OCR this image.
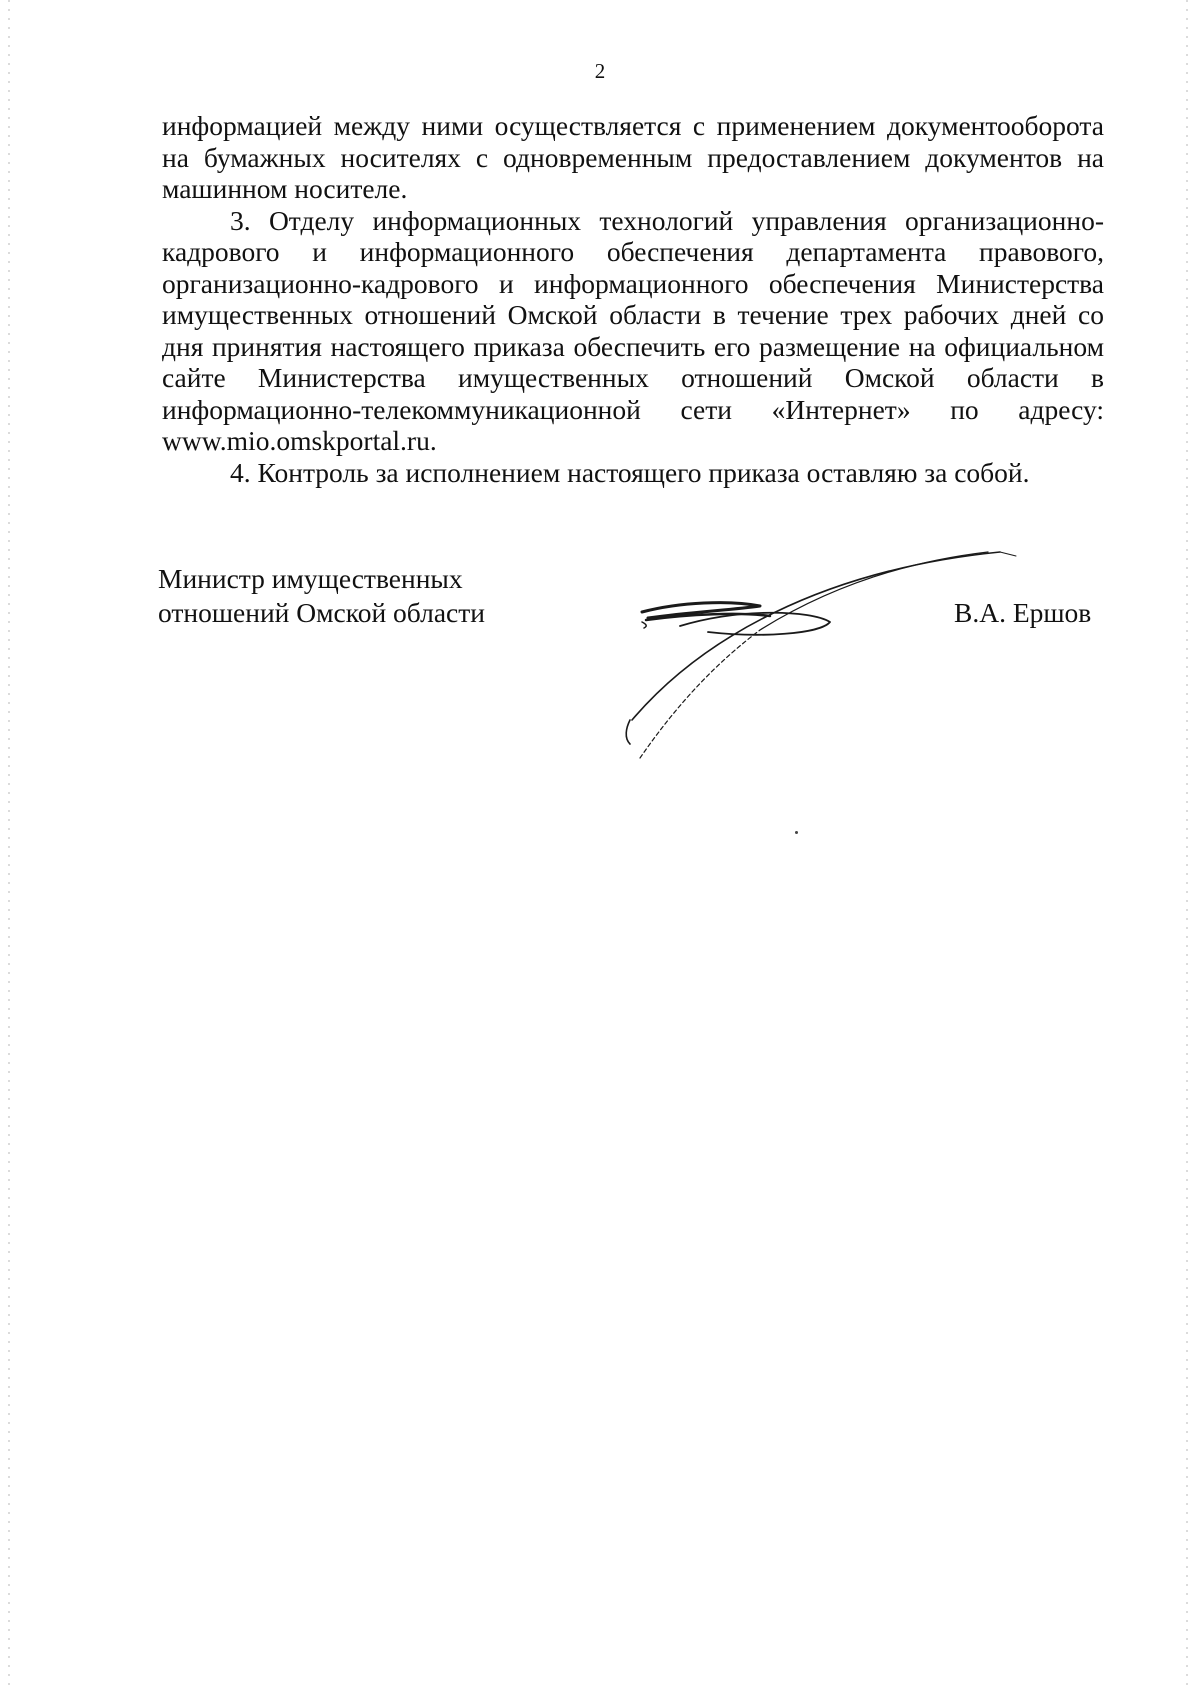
2

информацией между ними осуществляется с применением документооборота на бумажных носителях с одновременным предоставлением документов на машинном носителе.

3. Отделу информационных технологий управления организационно-кадрового и информационного обеспечения департамента правового, организационно-кадрового и информационного обеспечения Министерства имущественных отношений Омской области в течение трех рабочих дней со дня принятия настоящего приказа обеспечить его размещение на официальном сайте Министерства имущественных отношений Омской области в информационно-телекоммуникационной сети «Интернет» по адресу: www.mio.omskportal.ru.

4. Контроль за исполнением настоящего приказа оставляю за собой.

Министр имущественных
отношений Омской области	В.А. Ершов
